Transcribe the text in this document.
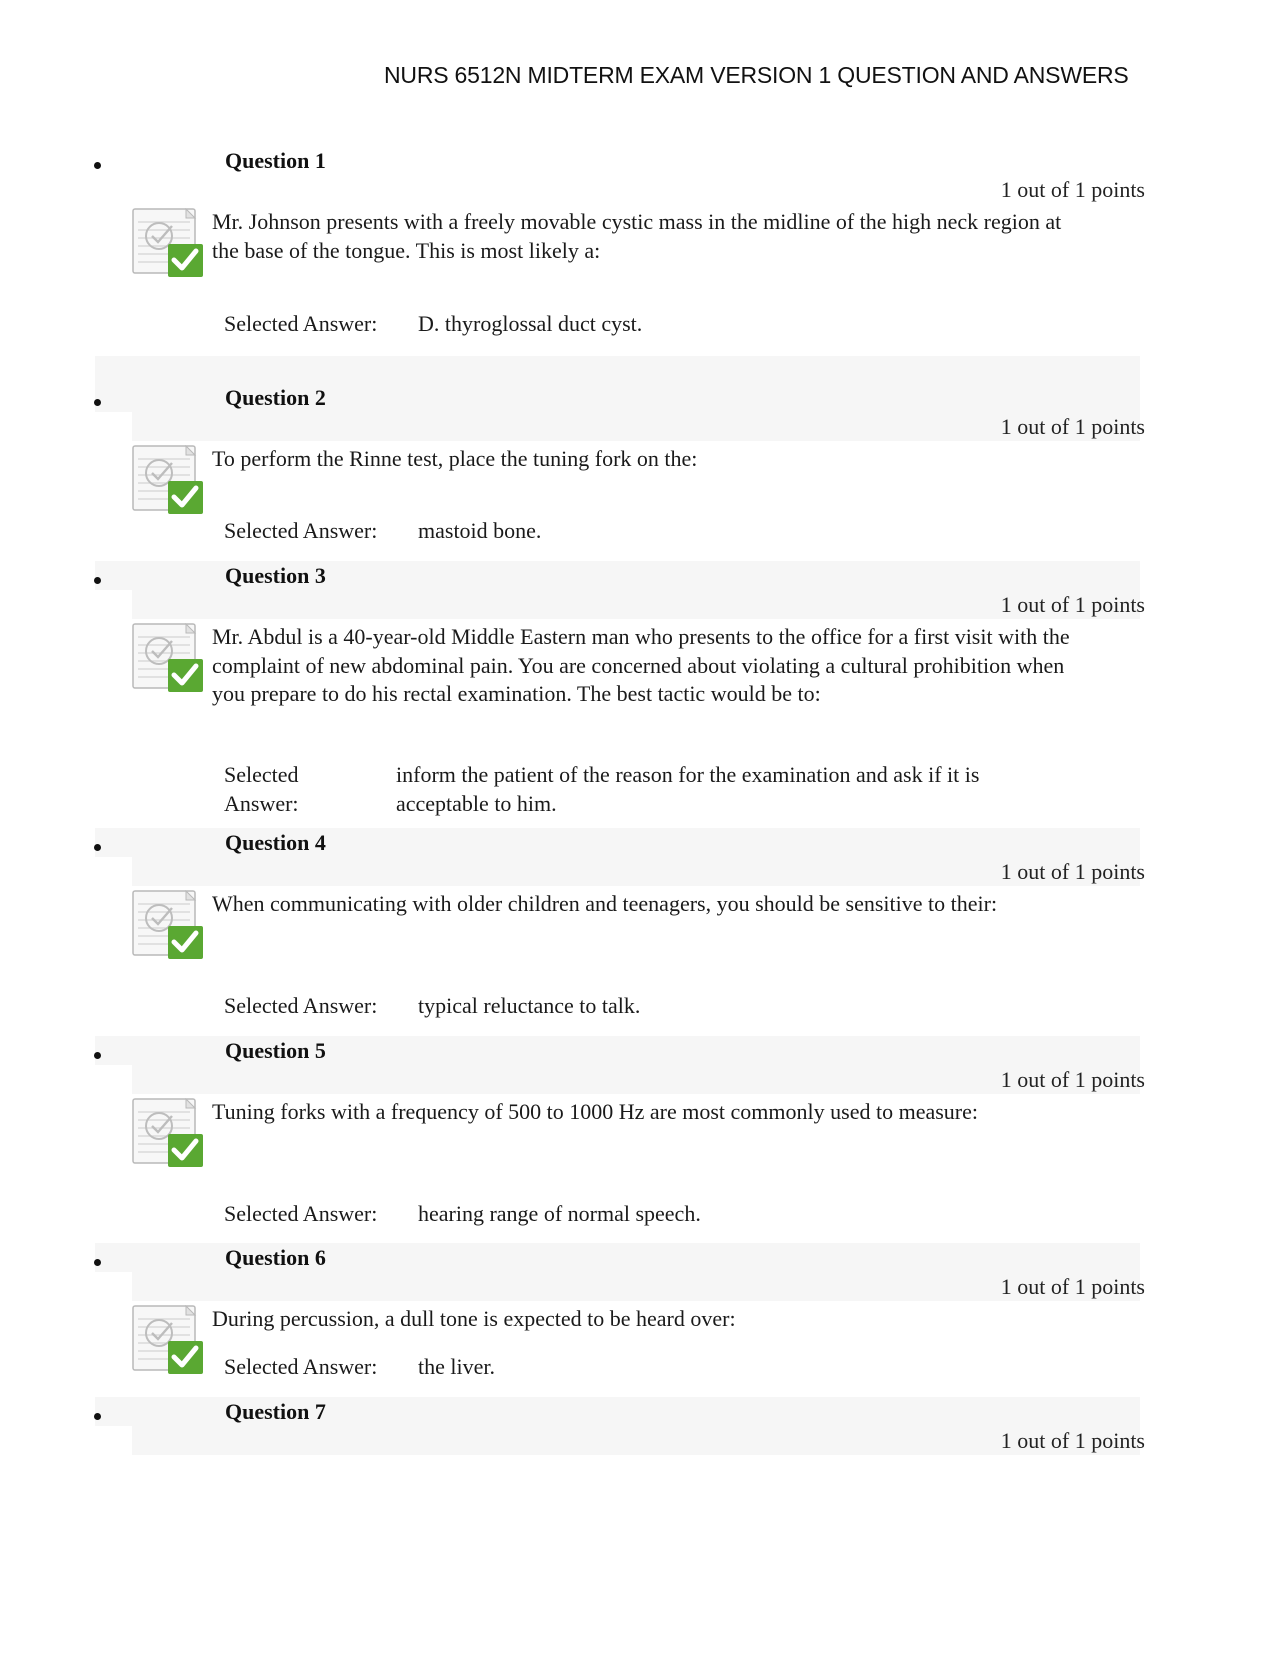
NURS 6512N MIDTERM EXAM VERSION 1 QUESTION AND ANSWERS
Question 1
1 out of 1 points
Mr. Johnson presents with a freely movable cystic mass in the midline of the high neck region at the base of the tongue. This is most likely a:
Selected Answer: D. thyroglossal duct cyst.
Question 2
1 out of 1 points
To perform the Rinne test, place the tuning fork on the:
Selected Answer: mastoid bone.
Question 3
1 out of 1 points
Mr. Abdul is a 40-year-old Middle Eastern man who presents to the office for a first visit with the complaint of new abdominal pain. You are concerned about violating a cultural prohibition when you prepare to do his rectal examination. The best tactic would be to:
Selected Answer:
inform the patient of the reason for the examination and ask if it is acceptable to him.
Question 4
1 out of 1 points
When communicating with older children and teenagers, you should be sensitive to their:
Selected Answer: typical reluctance to talk.
Question 5
1 out of 1 points
Tuning forks with a frequency of 500 to 1000 Hz are most commonly used to measure:
Selected Answer: hearing range of normal speech.
Question 6
1 out of 1 points
During percussion, a dull tone is expected to be heard over:
Selected Answer: the liver.
Question 7
1 out of 1 points
